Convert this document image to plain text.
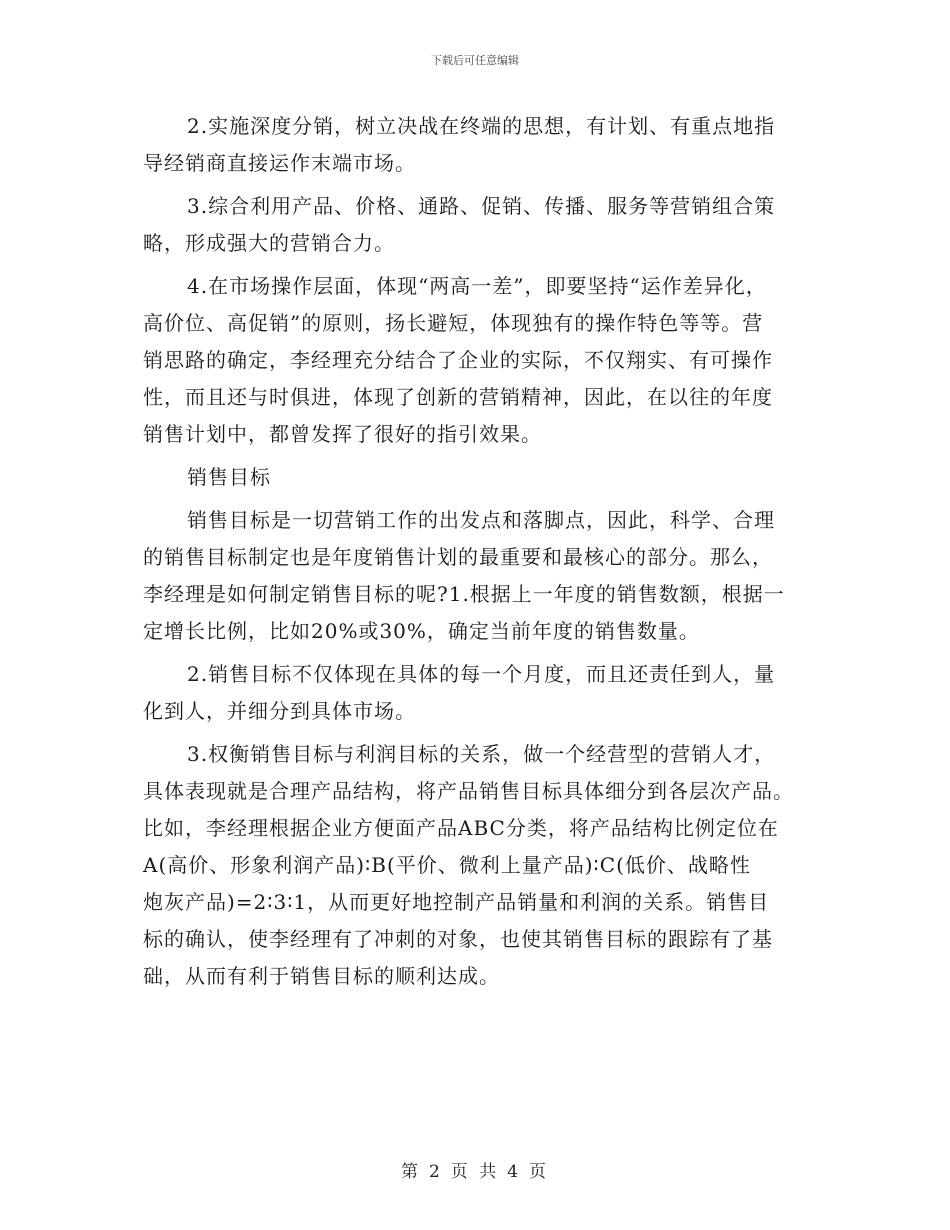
下载后可任意编辑

2.实施深度分销，树立决战在终端的思想，有计划、有重点地指
导经销商直接运作末端市场。

3.综合利用产品、价格、通路、促销、传播、服务等营销组合策
略，形成强大的营销合力。

4.在市场操作层面，体现“两高一差”，即要坚持“运作差异化，
高价位、高促销”的原则，扬长避短，体现独有的操作特色等等。营
销思路的确定，李经理充分结合了企业的实际，不仅翔实、有可操作
性，而且还与时俱进，体现了创新的营销精神，因此，在以往的年度
销售计划中，都曾发挥了很好的指引效果。

销售目标

销售目标是一切营销工作的出发点和落脚点，因此，科学、合理
的销售目标制定也是年度销售计划的最重要和最核心的部分。那么，
李经理是如何制定销售目标的呢?1.根据上一年度的销售数额，根据一
定增长比例，比如20%或30%，确定当前年度的销售数量。

2.销售目标不仅体现在具体的每一个月度，而且还责任到人，量
化到人，并细分到具体市场。

3.权衡销售目标与利润目标的关系，做一个经营型的营销人才，
具体表现就是合理产品结构，将产品销售目标具体细分到各层次产品。
比如，李经理根据企业方便面产品ABC分类，将产品结构比例定位在
A(高价、形象利润产品)∶B(平价、微利上量产品)∶C(低价、战略性
炮灰产品)=2∶3∶1，从而更好地控制产品销量和利润的关系。销售目
标的确认，使李经理有了冲刺的对象，也使其销售目标的跟踪有了基
础，从而有利于销售目标的顺利达成。

第 2 页 共 4 页
